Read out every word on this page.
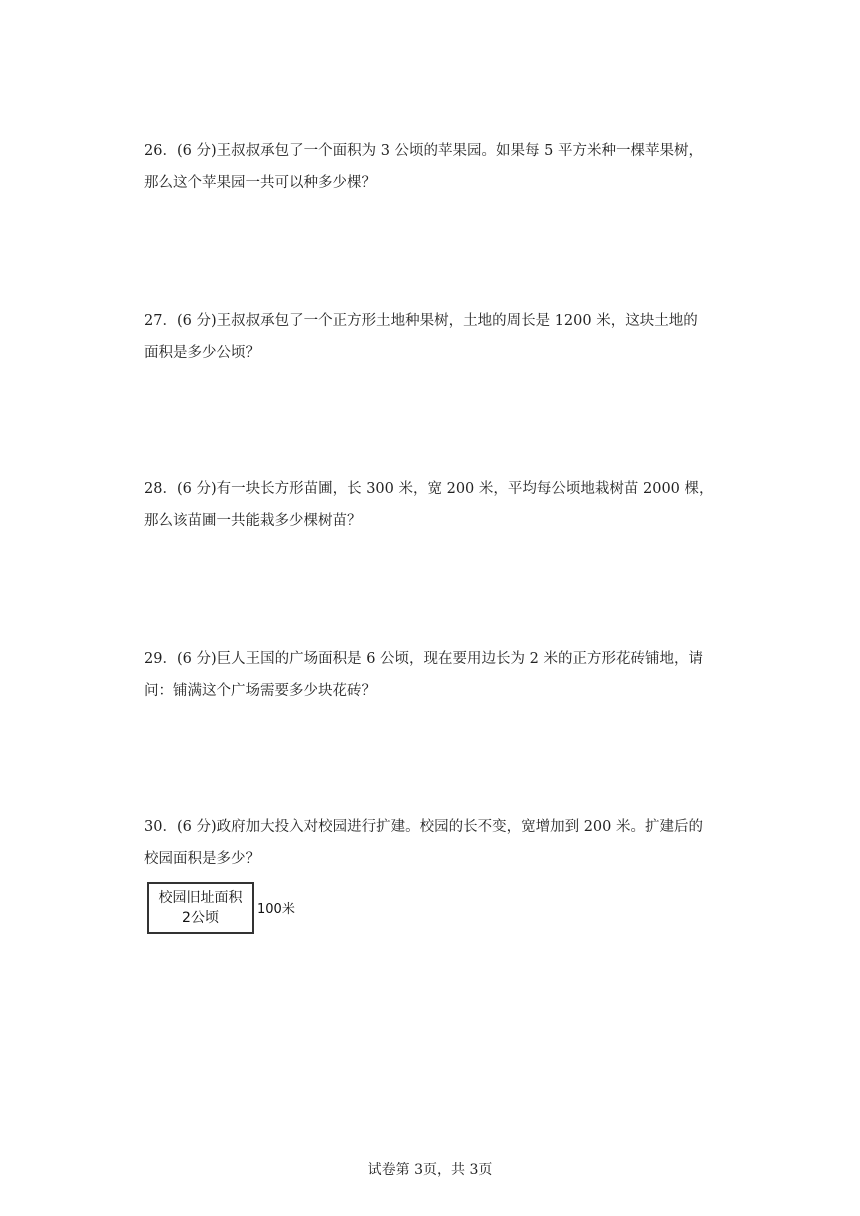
26．(6 分)王叔叔承包了一个面积为 3 公顷的苹果园。如果每 5 平方米种一棵苹果树，
那么这个苹果园一共可以种多少棵？
27．(6 分)王叔叔承包了一个正方形土地种果树，土地的周长是 1200 米，这块土地的
面积是多少公顷？
28．(6 分)有一块长方形苗圃，长 300 米，宽 200 米，平均每公顷地栽树苗 2000 棵，
那么该苗圃一共能栽多少棵树苗？
29．(6 分)巨人王国的广场面积是 6 公顷，现在要用边长为 2 米的正方形花砖铺地，请
问：铺满这个广场需要多少块花砖？
30．(6 分)政府加大投入对校园进行扩建。校园的长不变，宽增加到 200 米。扩建后的
校园面积是多少？
校园旧址面积
2公顷
100米
试卷第 3页，共 3页
